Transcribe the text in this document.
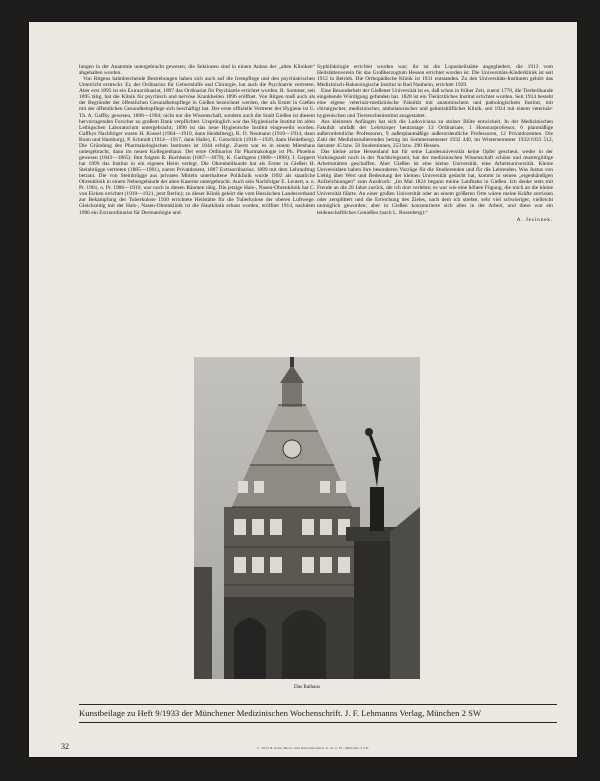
lungen in der Anatomie untergebracht gewesen; die Sektionen sind in einem Anbau der „alten Kliniken“ abgehalten worden.

Von Ritgens bahnbrechende Bestrebungen haben sich auch auf die Irrenpflege und den psychiatrischen Unterricht erstreckt. Er, der Ordinarius für Geburtshilfe und Chirurgie, hat auch die Psychiatrie vertreten. Aber erst 1895 ist ein Extraordinariat, 1897 das Ordinariat für Psychiatrie errichtet worden. R. Sommer, seit 1895 tätig, hat die Klinik für psychisch und nervöse Krankheiten 1896 eröffnet. Von Ritgen muß auch als der Begründer der öffentlichen Gesundheitspflege in Gießen bezeichnet werden, der als Erster in Gießen mit der öffentlichen Gesundheitspflege sich beschäftigt hat. Der erste offizielle Vertreter der Hygiene ist G. Th. A. Gaffky gewesen, 1888—1904; nicht nur die Wissenschaft, sondern auch die Stadt Gießen ist diesem hervorragenden Forscher zu großem Dank verpflichtet. Ursprünglich war das Hygienische Institut im alten Leibigschen Laboratorium untergebracht; 1896 ist das neue Hygienische Institut eingeweiht worden. Gaffkys Nachfolger waren H. Kossel (1904—1910, dann Heidelberg), R. O. Neumann (1910—1914, dann Bonn und Hamburg), P. Schmidt (1914—1917, dann Halle), E. Gotschlich (1918—1926, dann Heidelberg). Die Gründung des Pharmakologischen Institutes ist 1844 erfolgt. Zuerst war es in einem Mietshaus untergebracht, dann im neuen Kollegienhaus. Der erste Ordinarius für Pharmakologie ist Ph. Phoebus gewesen (1843—1865). Ihm folgten R. Buchheim (1867—1879), K. Garthgens (1880—1898); J. Geppert hat 1899 das Institut in ein eigenes Heim verlegt. Die Ohrenheilkunde hat als Erster in Gießen H. Steinbrügge vertreten (1885—1901), zuerst Privatdozent, 1887 Extraordinarius. 1889 mit dem Lehrauftrag betraut. Die von Steinbrügge aus privaten Mitteln unterhaltene Poliklinik wurde 1892 als staatliche Ohrenklinik in einem Nebengebäude der alten Kaserne untergebracht. Auch sein Nachfolger E. Leutert, a. o. Pr. 1901, o. Pr. 1906—1910, war noch in diesen Räumen tätig. Die jetzige Hals-, Nasen-Ohrenklinik hat C. von Eicken errichtet (1910—1921, jetzt Berlin); zu dieser Klinik gehört die vom Hessischen Landesverband zur Bekämpfung der Tuberkulose 1930 errichtete Heilstätte für die Tuberkulose der oberen Luftwege. Gleichzeitig mit der Hals-, Nasen-Ohrenklinik ist die Hautklinik erbaut worden, eröffnet 1914, nachdem 1906 ein Extraordinariat für Dermatologie und

Syphilidologie errichtet worden war; ihr ist die Lupusheilstätte angegliedert, die 1913 vom Heilstättenverein für das Großherzogtum Hessen errichtet worden ist. Die Universitäts-Kinderklinik ist seit 1912 in Betrieb. Die Orthopädische Klinik ist 1931 entstanden. Zu den Universitäts-Instituten gehört das Medizinisch-Balneologische Institut in Bad Nauheim, errichtet 1929.

Eine Besonderheit der Gießener Universität ist es, daß schon in früher Zeit, zuerst 1778, die Tierheilkunde eingehende Würdigung gefunden hat. 1828 ist ein Tierärztliches Institut errichtet worden. Seit 1914 besteht eine eigene veterinär-medizinische Fakultät mit anatomischem und pathologischem Institut, mit chirurgischer, medizinischer, ambulatorischer und geburtshilflicher Klinik, seit 1924 mit einem veterinär-hygienischen und Tierseucheninstitut ausgestattet.

Aus kleinsten Anfängen hat sich die Ludoviciana zu stolzer Blüte entwickelt. In der Medizinischen Fakultät umfaßt der Lehrkörper heutzutage 13 Ordinariate, 1 Honorarprofessor, 6 planmäßige außerordentliche Professoren, 9 außerplanmäßige außerordentliche Professoren, 12 Privatdozenten. Die Zahl der Medizinstudierenden betrug im Sommersemester 1932 440, im Wintersemester 1932/1933 512, darunter 45 bzw. 50 Studentinnen, 253 bzw. 290 Hessen.

Das kleine arme Hessenland hat für seine Landesuniversität keine Opfer gescheut, weder in der Vorkriegszeit noch in der Nachkriegszeit, hat der medizinischen Wissenschaft schöne und mustergültige Arbeitsstätten geschaffen. Aber Gießen ist eine kleine Universität, eine Arbeitsuniversität. Kleine Universitäten haben ihre besonderen Vorzüge für die Studierenden und für die Lehrenden. Was Justus von Liebig über Wert und Bedeutung der kleinen Universität gedacht hat, kommt in seinen „eigenhändigen Aufzeichnungen“ zum Ausdruck: „Im Mai 1824 begann meine Laufbahn in Gießen. Ich denke stets mit Freude an die 28 Jahre zurück, die ich dort verlebte; es war wie eine höhere Fügung, die mich an die kleine Universität führte. An einer großen Universität oder an einem größeren Orte wären meine Kräfte zerrissen oder zersplittert und die Erreichung des Zieles, nach dem ich strebte, sehr viel schwieriger, vielleicht unmöglich geworden; aber in Gießen konzentrierte sich alles in der Arbeit, und diese war ein leidenschaftliches Genießen (nach L. Rosenberg).“

A. Jesionek.
Das Rathaus
Kunstbeilage zu Heft 9/1933 der Münchener Medizinischen Wochenschrift. J. F. Lehmanns Verlag, München 2 SW
32	C. Wolf & Sohn, Buch- und Kunstdruckerei G. m. b. H., München 2 SW
